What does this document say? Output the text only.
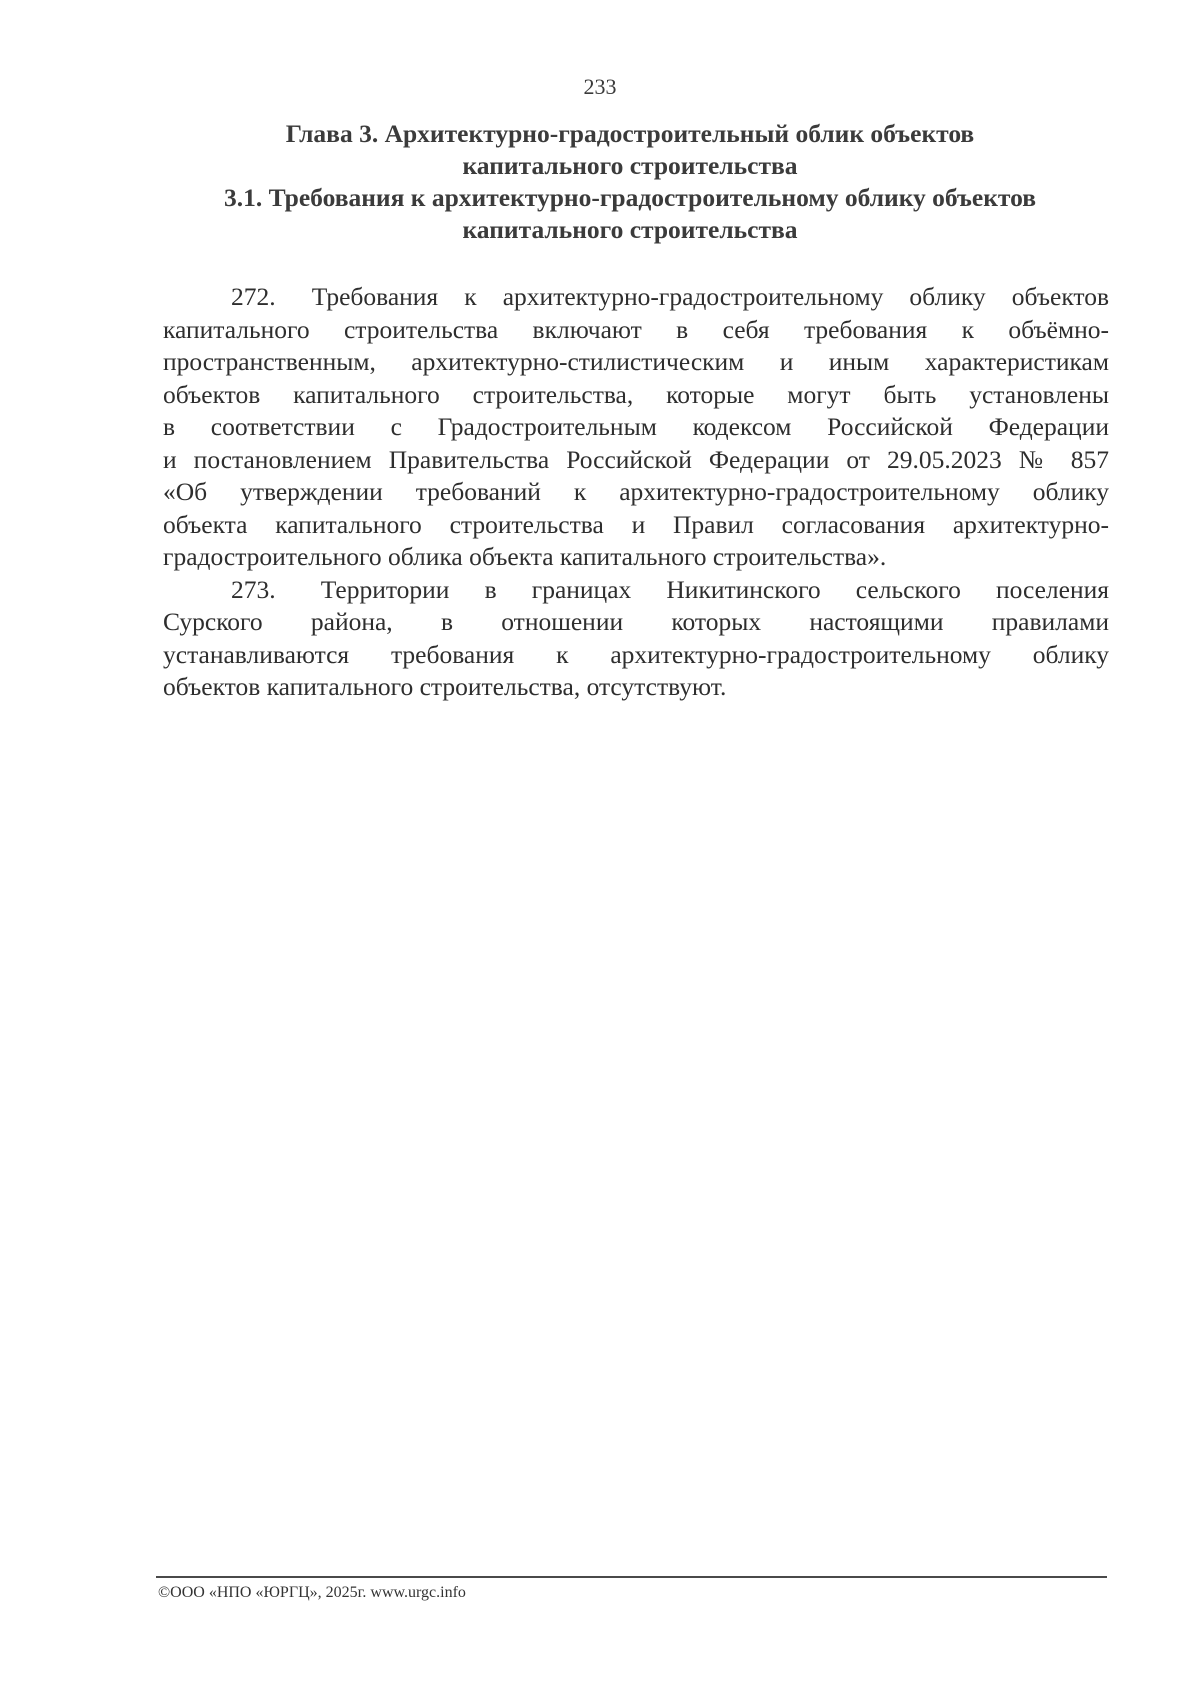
233
Глава 3. Архитектурно-градостроительный облик объектов
капитального строительства
3.1. Требования к архитектурно-градостроительному облику объектов
капитального строительства
272. Требования к архитектурно-градостроительному облику объектов
капитального строительства включают в себя требования к объёмно-
пространственным, архитектурно-стилистическим и иным характеристикам
объектов капитального строительства, которые могут быть установлены
в соответствии с Градостроительным кодексом Российской Федерации
и постановлением Правительства Российской Федерации от 29.05.2023 № 857
«Об утверждении требований к архитектурно-градостроительному облику
объекта капитального строительства и Правил согласования архитектурно-
градостроительного облика объекта капитального строительства».
273. Территории в границах Никитинского сельского поселения
Сурского района, в отношении которых настоящими правилами
устанавливаются требования к архитектурно-градостроительному облику
объектов капитального строительства, отсутствуют.
©ООО «НПО «ЮРГЦ», 2025г. www.urgc.info
